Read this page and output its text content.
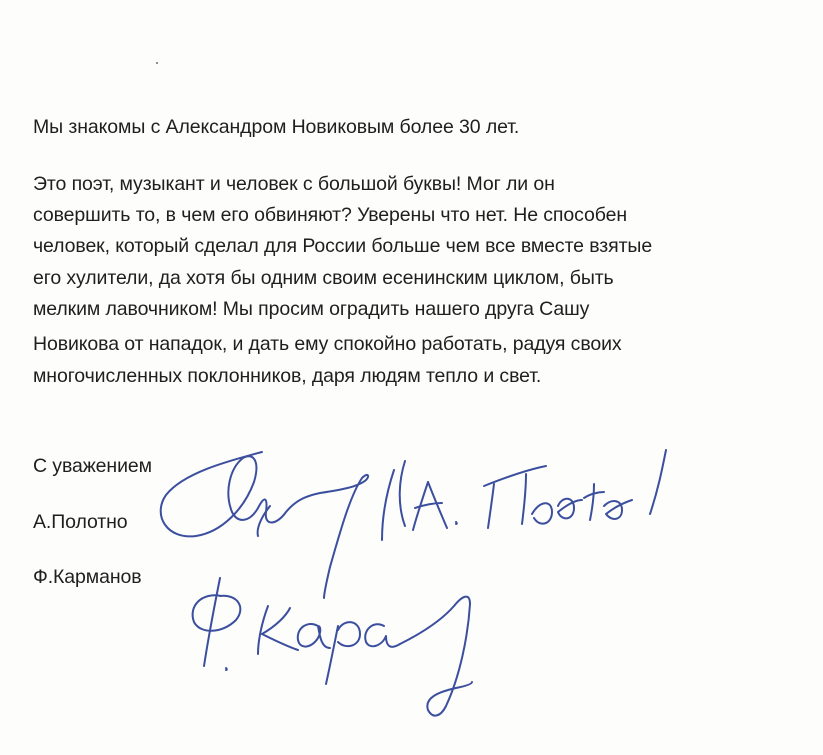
Мы знакомы с Александром Новиковым более 30 лет.
Это поэт, музыкант и человек с большой буквы! Мог ли он
совершить то, в чем его обвиняют? Уверены что нет. Не способен
человек, который сделал для России больше чем все вместе взятые
его хулители, да хотя бы одним своим есенинским циклом, быть
мелким лавочником! Мы просим оградить нашего друга Сашу
Новикова от нападок, и дать ему спокойно работать, радуя своих
многочисленных поклонников, даря людям тепло и свет.
С уважением
А.Полотно
Ф.Карманов
